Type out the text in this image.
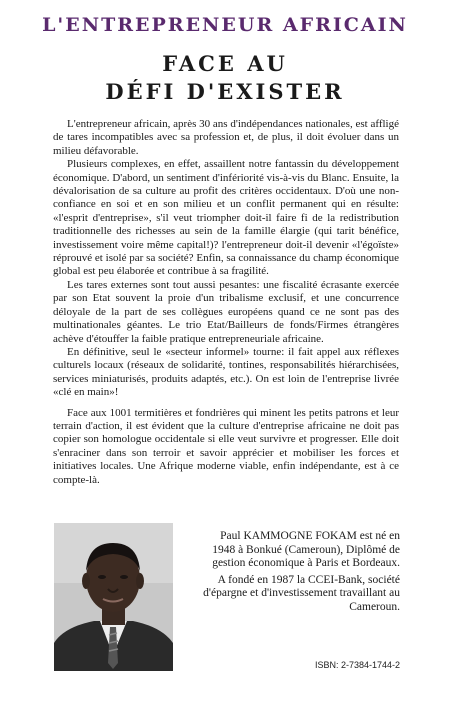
L'ENTREPRENEUR AFRICAIN
FACE AU
DÉFI D'EXISTER

L'entrepreneur africain, après 30 ans d'indépendances nationales, est affligé de tares incompatibles avec sa profession et, de plus, il doit évoluer dans un milieu défavorable.

Plusieurs complexes, en effet, assaillent notre fantassin du développement économique. D'abord, un sentiment d'infériorité vis-à-vis du Blanc. Ensuite, la dévalorisation de sa culture au profit des critères occidentaux. D'où une non-confiance en soi et en son milieu et un conflit permanent qui en résulte: «l'esprit d'entreprise», s'il veut triompher doit-il faire fi de la redistribution traditionnelle des richesses au sein de la famille élargie (qui tarit bénéfice, investissement voire même capital!)? l'entrepreneur doit-il devenir «l'égoïste» réprouvé et isolé par sa société? Enfin, sa connaissance du champ économique global est peu élaborée et contribue à sa fragilité.

Les tares externes sont tout aussi pesantes: une fiscalité écrasante exercée par son Etat souvent la proie d'un tribalisme exclusif, et une concurrence déloyale de la part de ses collègues européens quand ce ne sont pas des multinationales géantes. Le trio Etat/Bailleurs de fonds/Firmes étrangères achève d'étouffer la faible pratique entrepreneuriale africaine.

En définitive, seul le «secteur informel» tourne: il fait appel aux réflexes culturels locaux (réseaux de solidarité, tontines, responsabilités hiérarchisées, services miniaturisés, produits adaptés, etc.). On est loin de l'entreprise livrée «clé en main»!

Face aux 1001 termitières et fondrières qui minent les petits patrons et leur terrain d'action, il est évident que la culture d'entreprise africaine ne doit pas copier son homologue occidentale si elle veut survivre et progresser. Elle doit s'enraciner dans son terroir et savoir apprécier et mobiliser les forces et initiatives locales. Une Afrique moderne viable, enfin indépendante, est à ce compte-là.

Paul KAMMOGNE FOKAM est né en 1948 à Bonkué (Cameroun), Diplômé de gestion économique à Paris et Bordeaux.

A fondé en 1987 la CCEI-Bank, société d'épargne et d'investissement travaillant au Cameroun.

ISBN: 2-7384-1744-2
